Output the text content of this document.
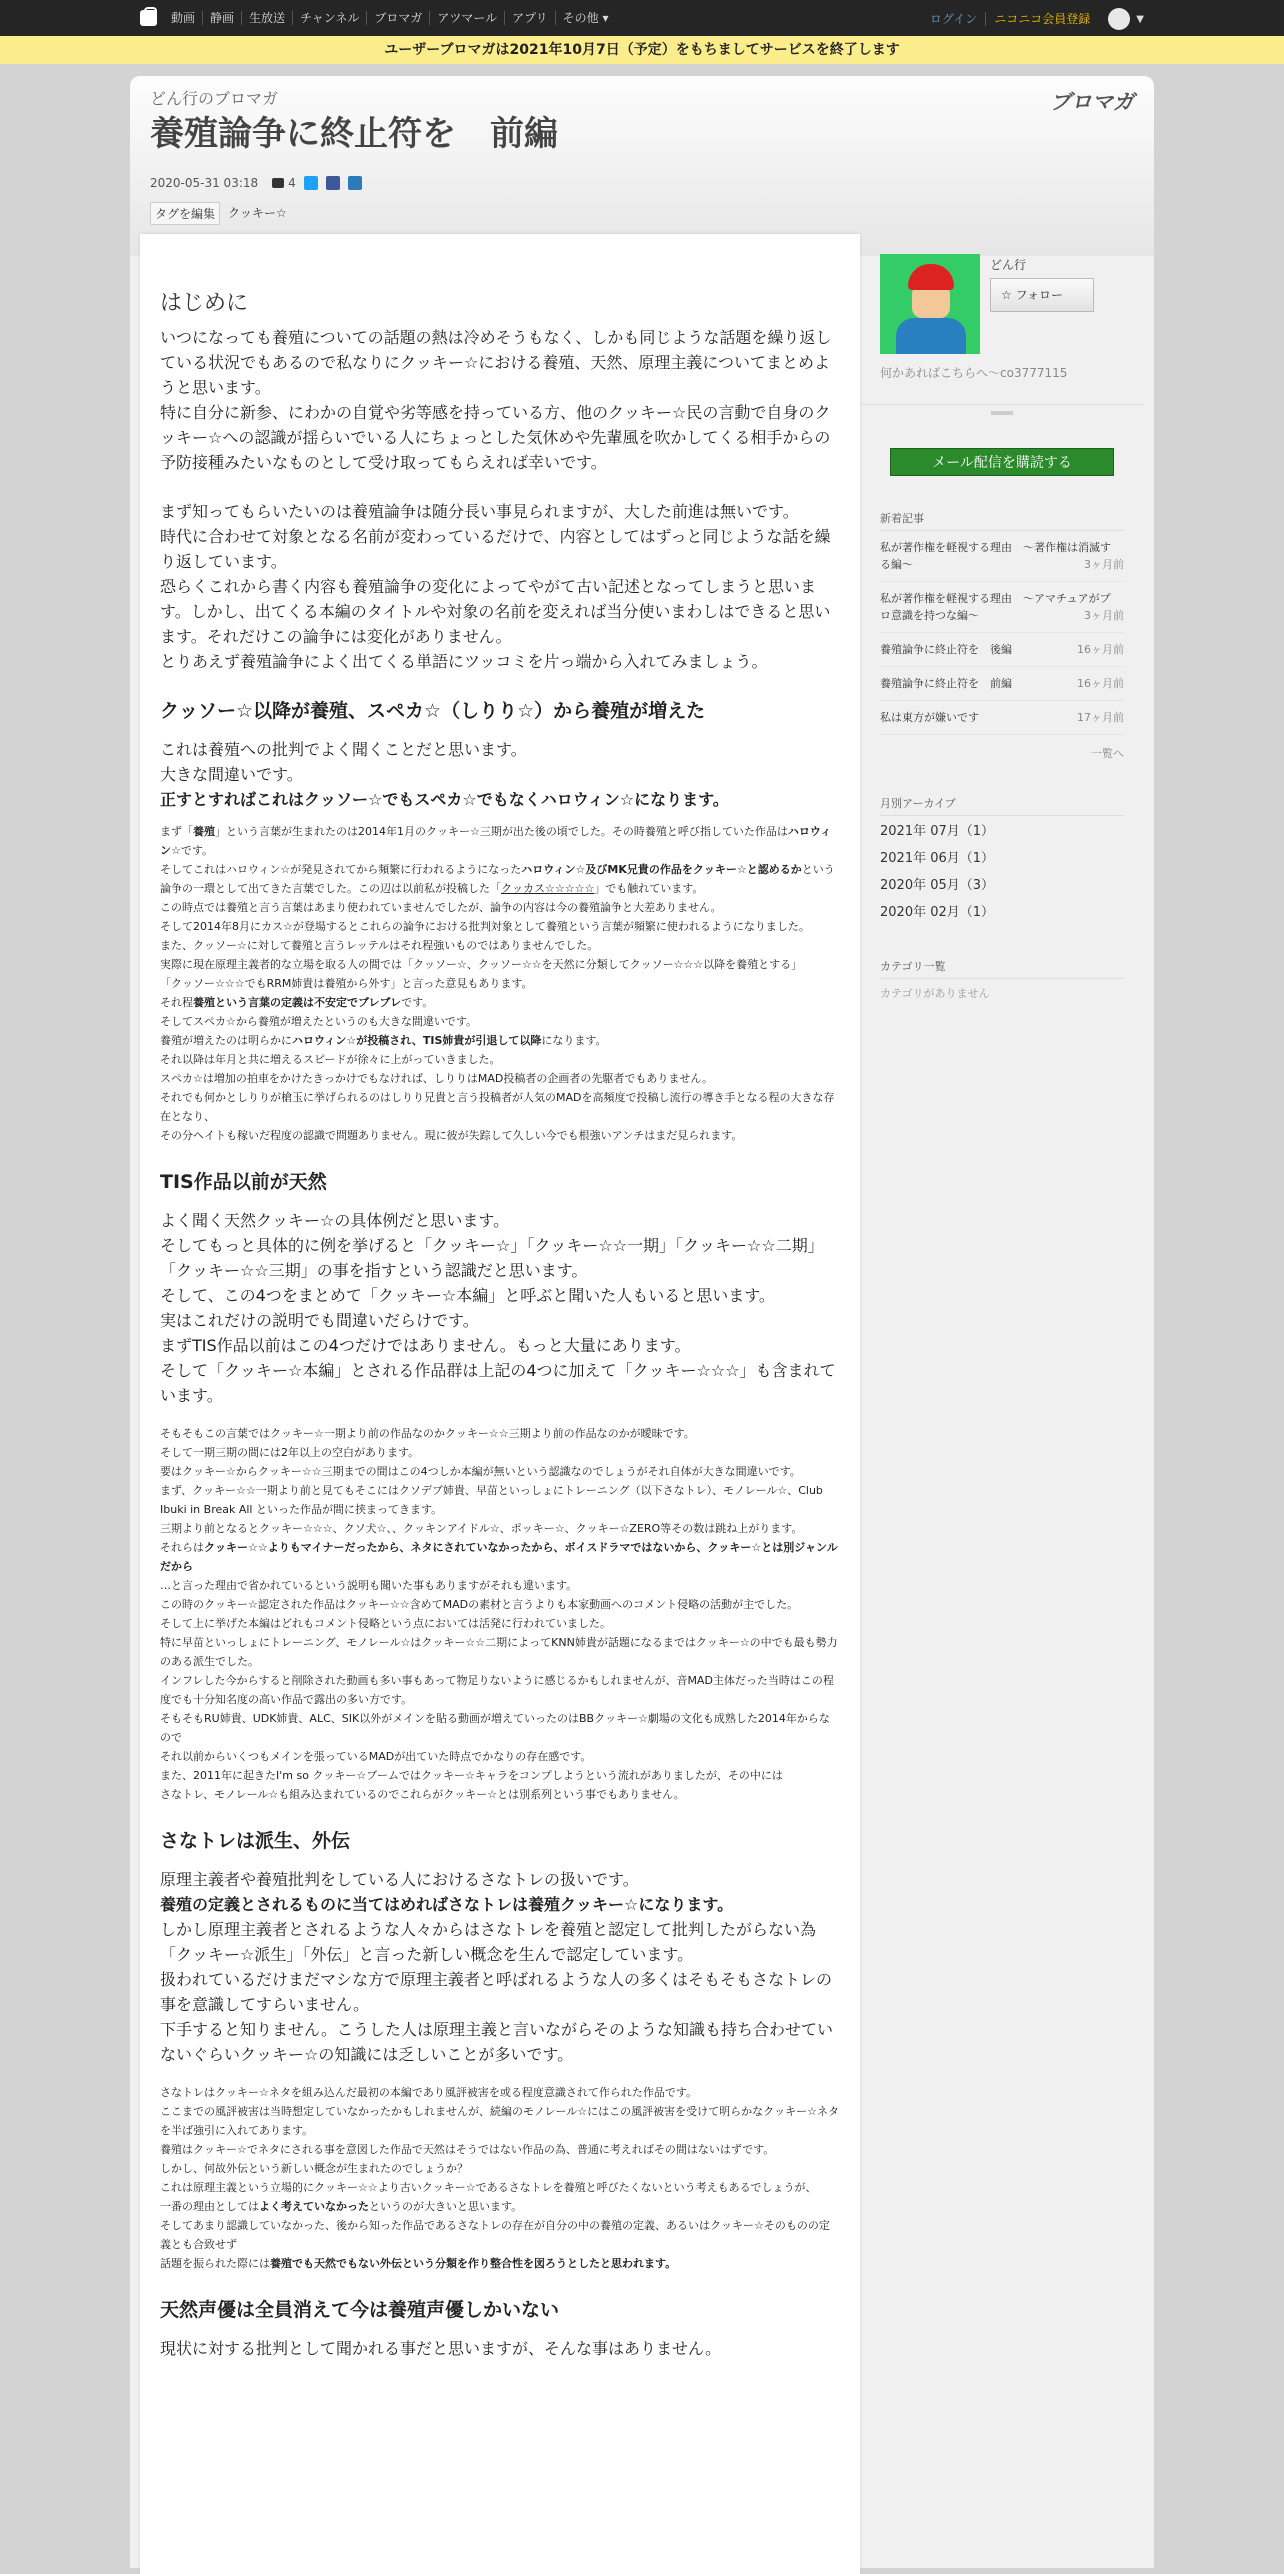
動画	静画	生放送	チャンネル	ブロマガ	アツマール	アプリ	その他 ▾	ログイン	ニコニコ会員登録	▼
ユーザーブロマガは2021年10月7日（予定）をもちましてサービスを終了します
どん行のブロマガ	ブロマガ
養殖論争に終止符を　前編
2020-05-31 03:18	4
タグを編集	クッキー☆
はじめに
いつになっても養殖についての話題の熱は冷めそうもなく、しかも同じような話題を繰り返している状況でもあるので私なりにクッキー☆における養殖、天然、原理主義についてまとめようと思います。
特に自分に新参、にわかの自覚や劣等感を持っている方、他のクッキー☆民の言動で自身のクッキー☆への認識が揺らいでいる人にちょっとした気休めや先輩風を吹かしてくる相手からの予防接種みたいなものとして受け取ってもらえれば幸いです。
まず知ってもらいたいのは養殖論争は随分長い事見られますが、大した前進は無いです。
時代に合わせて対象となる名前が変わっているだけで、内容としてはずっと同じような話を繰り返しています。
恐らくこれから書く内容も養殖論争の変化によってやがて古い記述となってしまうと思います。しかし、出てくる本編のタイトルや対象の名前を変えれば当分使いまわしはできると思います。それだけこの論争には変化がありません。
とりあえず養殖論争によく出てくる単語にツッコミを片っ端から入れてみましょう。
クッソー☆以降が養殖、スペカ☆（しりり☆）から養殖が増えた
これは養殖への批判でよく聞くことだと思います。
大きな間違いです。
正すとすればこれはクッソー☆でもスペカ☆でもなくハロウィン☆になります。
まず「養殖」という言葉が生まれたのは2014年1月のクッキー☆三期が出た後の頃でした。その時養殖と呼び指していた作品はハロウィン☆です。
そしてこれはハロウィン☆が発見されてから頻繁に行われるようになったハロウィン☆及びMK兄貴の作品をクッキー☆と認めるかという論争の一環として出てきた言葉でした。この辺は以前私が投稿した「クッカス☆☆☆☆☆」でも触れています。
この時点では養殖と言う言葉はあまり使われていませんでしたが、論争の内容は今の養殖論争と大差ありません。
そして2014年8月にカス☆が登場するとこれらの論争における批判対象として養殖という言葉が頻繁に使われるようになりました。
また、クッソー☆に対して養殖と言うレッテルはそれ程強いものではありませんでした。
実際に現在原理主義者的な立場を取る人の間では「クッソー☆、クッソー☆☆を天然に分類してクッソー☆☆☆以降を養殖とする」
「クッソー☆☆☆でもRRM姉貴は養殖から外す」と言った意見もあります。
それ程養殖という言葉の定義は不安定でブレブレです。
そしてスペカ☆から養殖が増えたというのも大きな間違いです。
養殖が増えたのは明らかにハロウィン☆が投稿され、TIS姉貴が引退して以降になります。
それ以降は年月と共に増えるスピードが徐々に上がっていきました。
スペカ☆は増加の拍車をかけたきっかけでもなければ、しりりはMAD投稿者の企画者の先駆者でもありません。
それでも何かとしりりが槍玉に挙げられるのはしりり兄貴と言う投稿者が人気のMADを高頻度で投稿し流行の導き手となる程の大きな存在となり、
その分ヘイトも稼いだ程度の認識で問題ありません。現に彼が失踪して久しい今でも根強いアンチはまだ見られます。
TIS作品以前が天然
よく聞く天然クッキー☆の具体例だと思います。
そしてもっと具体的に例を挙げると「クッキー☆」「クッキー☆☆一期」「クッキー☆☆二期」「クッキー☆☆三期」の事を指すという認識だと思います。
そして、この4つをまとめて「クッキー☆本編」と呼ぶと聞いた人もいると思います。
実はこれだけの説明でも間違いだらけです。
まずTIS作品以前はこの4つだけではありません。もっと大量にあります。
そして「クッキー☆本編」とされる作品群は上記の4つに加えて「クッキー☆☆☆」も含まれています。
そもそもこの言葉ではクッキー☆一期より前の作品なのかクッキー☆☆三期より前の作品なのかが曖昧です。
そして一期三期の間には2年以上の空白があります。
要はクッキー☆からクッキー☆☆三期までの間はこの4つしか本編が無いという認識なのでしょうがそれ自体が大きな間違いです。
まず、クッキー☆☆一期より前と見てもそこにはクソデブ姉貴、早苗といっしょにトレーニング（以下さなトレ）、モノレール☆、Club Ibuki in Break All といった作品が間に挟まってきます。
三期より前となるとクッキー☆☆☆、クソ犬☆、、クッキンアイドル☆、ポッキー☆、クッキー☆ZERO等その数は跳ね上がります。
それらはクッキー☆☆よりもマイナーだったから、ネタにされていなかったから、ボイスドラマではないから、クッキー☆とは別ジャンルだから
…と言った理由で省かれているという説明も聞いた事もありますがそれも違います。
この時のクッキー☆認定された作品はクッキー☆☆含めてMADの素材と言うよりも本家動画へのコメント侵略の活動が主でした。
そして上に挙げた本編はどれもコメント侵略という点においては活発に行われていました。
特に早苗といっしょにトレーニング、モノレール☆はクッキー☆☆二期によってKNN姉貴が話題になるまではクッキー☆の中でも最も勢力のある派生でした。
インフレした今からすると削除された動画も多い事もあって物足りないように感じるかもしれませんが、音MAD主体だった当時はこの程度でも十分知名度の高い作品で露出の多い方です。
そもそもRU姉貴、UDK姉貴、ALC、SIK以外がメインを貼る動画が増えていったのはBBクッキー☆劇場の文化も成熟した2014年からなので
それ以前からいくつもメインを張っているMADが出ていた時点でかなりの存在感です。
また、2011年に起きたI'm so クッキー☆ブームではクッキー☆キャラをコンプしようという流れがありましたが、その中には
さなトレ、モノレール☆も組み込まれているのでこれらがクッキー☆とは別系列という事でもありません。
さなトレは派生、外伝
原理主義者や養殖批判をしている人におけるさなトレの扱いです。
養殖の定義とされるものに当てはめればさなトレは養殖クッキー☆になります。
しかし原理主義者とされるような人々からはさなトレを養殖と認定して批判したがらない為「クッキー☆派生」「外伝」と言った新しい概念を生んで認定しています。
扱われているだけまだマシな方で原理主義者と呼ばれるような人の多くはそもそもさなトレの事を意識してすらいません。
下手すると知りません。こうした人は原理主義と言いながらそのような知識も持ち合わせていないぐらいクッキー☆の知識には乏しいことが多いです。
さなトレはクッキー☆ネタを組み込んだ最初の本編であり風評被害を或る程度意識されて作られた作品です。
ここまでの風評被害は当時想定していなかったかもしれませんが、続編のモノレール☆にはこの風評被害を受けて明らかなクッキー☆ネタを半ば強引に入れてあります。
養殖はクッキー☆でネタにされる事を意図した作品で天然はそうではない作品の為、普通に考えればその間はないはずです。
しかし、何故外伝という新しい概念が生まれたのでしょうか？
これは原理主義という立場的にクッキー☆☆より古いクッキー☆であるさなトレを養殖と呼びたくないという考えもあるでしょうが、
一番の理由としてはよく考えていなかったというのが大きいと思います。
そしてあまり認識していなかった、後から知った作品であるさなトレの存在が自分の中の養殖の定義、あるいはクッキー☆そのものの定義とも合致せず
話題を振られた際には養殖でも天然でもない外伝という分類を作り整合性を図ろうとしたと思われます。
天然声優は全員消えて今は養殖声優しかいない
現状に対する批判として聞かれる事だと思いますが、そんな事はありません。
どん行
☆ フォロー
何かあればこちらへ～co3777115
═══
メール配信を購読する
新着記事
私が著作権を軽視する理由　～著作権は消滅する編～	3ヶ月前
私が著作権を軽視する理由　～アマチュアがプロ意識を持つな編～	3ヶ月前
養殖論争に終止符を　後編	16ヶ月前
養殖論争に終止符を　前編	16ヶ月前
私は東方が嫌いです	17ヶ月前
一覧へ
月別アーカイブ
2021年 07月（1）
2021年 06月（1）
2020年 05月（3）
2020年 02月（1）
カテゴリ一覧
カテゴリがありません
